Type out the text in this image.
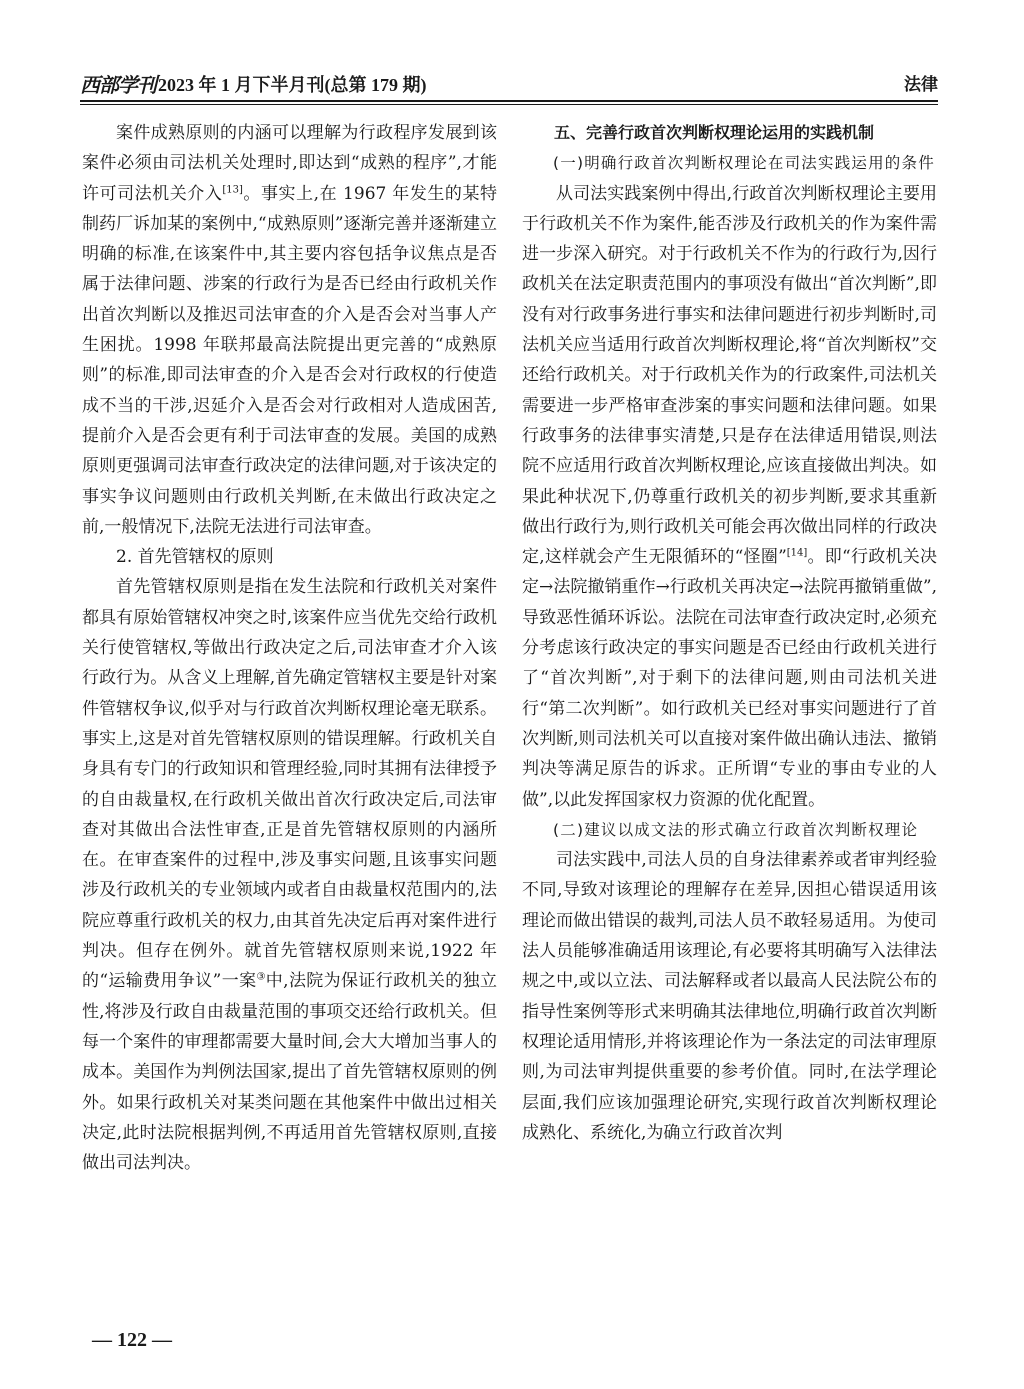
西部学刊 2023 年 1 月下半月刊(总第 179 期)	法律

案件成熟原则的内涵可以理解为行政程序发展到该案件必须由司法机关处理时,即达到“成熟的程序”,才能许可司法机关介入[13]。事实上,在 1967 年发生的某特制药厂诉加某的案例中,“成熟原则”逐渐完善并逐渐建立明确的标准,在该案件中,其主要内容包括争议焦点是否属于法律问题、涉案的行政行为是否已经由行政机关作出首次判断以及推迟司法审查的介入是否会对当事人产生困扰。1998 年联邦最高法院提出更完善的“成熟原则”的标准,即司法审查的介入是否会对行政权的行使造成不当的干涉,迟延介入是否会对行政相对人造成困苦,提前介入是否会更有利于司法审查的发展。美国的成熟原则更强调司法审查行政决定的法律问题,对于该决定的事实争议问题则由行政机关判断,在未做出行政决定之前,一般情况下,法院无法进行司法审查。

2. 首先管辖权的原则

首先管辖权原则是指在发生法院和行政机关对案件都具有原始管辖权冲突之时,该案件应当优先交给行政机关行使管辖权,等做出行政决定之后,司法审查才介入该行政行为。从含义上理解,首先确定管辖权主要是针对案件管辖权争议,似乎对与行政首次判断权理论毫无联系。事实上,这是对首先管辖权原则的错误理解。行政机关自身具有专门的行政知识和管理经验,同时其拥有法律授予的自由裁量权,在行政机关做出首次行政决定后,司法审查对其做出合法性审查,正是首先管辖权原则的内涵所在。在审查案件的过程中,涉及事实问题,且该事实问题涉及行政机关的专业领域内或者自由裁量权范围内的,法院应尊重行政机关的权力,由其首先决定后再对案件进行判决。但存在例外。就首先管辖权原则来说,1922 年的“运输费用争议”一案③中,法院为保证行政机关的独立性,将涉及行政自由裁量范围的事项交还给行政机关。但每一个案件的审理都需要大量时间,会大大增加当事人的成本。美国作为判例法国家,提出了首先管辖权原则的例外。如果行政机关对某类问题在其他案件中做出过相关决定,此时法院根据判例,不再适用首先管辖权原则,直接做出司法判决。

五、完善行政首次判断权理论运用的实践机制

(一)明确行政首次判断权理论在司法实践运用的条件

从司法实践案例中得出,行政首次判断权理论主要用于行政机关不作为案件,能否涉及行政机关的作为案件需进一步深入研究。对于行政机关不作为的行政行为,因行政机关在法定职责范围内的事项没有做出“首次判断”,即没有对行政事务进行事实和法律问题进行初步判断时,司法机关应当适用行政首次判断权理论,将“首次判断权”交还给行政机关。对于行政机关作为的行政案件,司法机关需要进一步严格审查涉案的事实问题和法律问题。如果行政事务的法律事实清楚,只是存在法律适用错误,则法院不应适用行政首次判断权理论,应该直接做出判决。如果此种状况下,仍尊重行政机关的初步判断,要求其重新做出行政行为,则行政机关可能会再次做出同样的行政决定,这样就会产生无限循环的“怪圈”[14]。即“行政机关决定→法院撤销重作→行政机关再决定→法院再撤销重做”,导致恶性循环诉讼。法院在司法审查行政决定时,必须充分考虑该行政决定的事实问题是否已经由行政机关进行了“首次判断”,对于剩下的法律问题,则由司法机关进行“第二次判断”。如行政机关已经对事实问题进行了首次判断,则司法机关可以直接对案件做出确认违法、撤销判决等满足原告的诉求。正所谓“专业的事由专业的人做”,以此发挥国家权力资源的优化配置。

(二)建议以成文法的形式确立行政首次判断权理论

司法实践中,司法人员的自身法律素养或者审判经验不同,导致对该理论的理解存在差异,因担心错误适用该理论而做出错误的裁判,司法人员不敢轻易适用。为使司法人员能够准确适用该理论,有必要将其明确写入法律法规之中,或以立法、司法解释或者以最高人民法院公布的指导性案例等形式来明确其法律地位,明确行政首次判断权理论适用情形,并将该理论作为一条法定的司法审理原则,为司法审判提供重要的参考价值。同时,在法学理论层面,我们应该加强理论研究,实现行政首次判断权理论成熟化、系统化,为确立行政首次判

— 122 —
